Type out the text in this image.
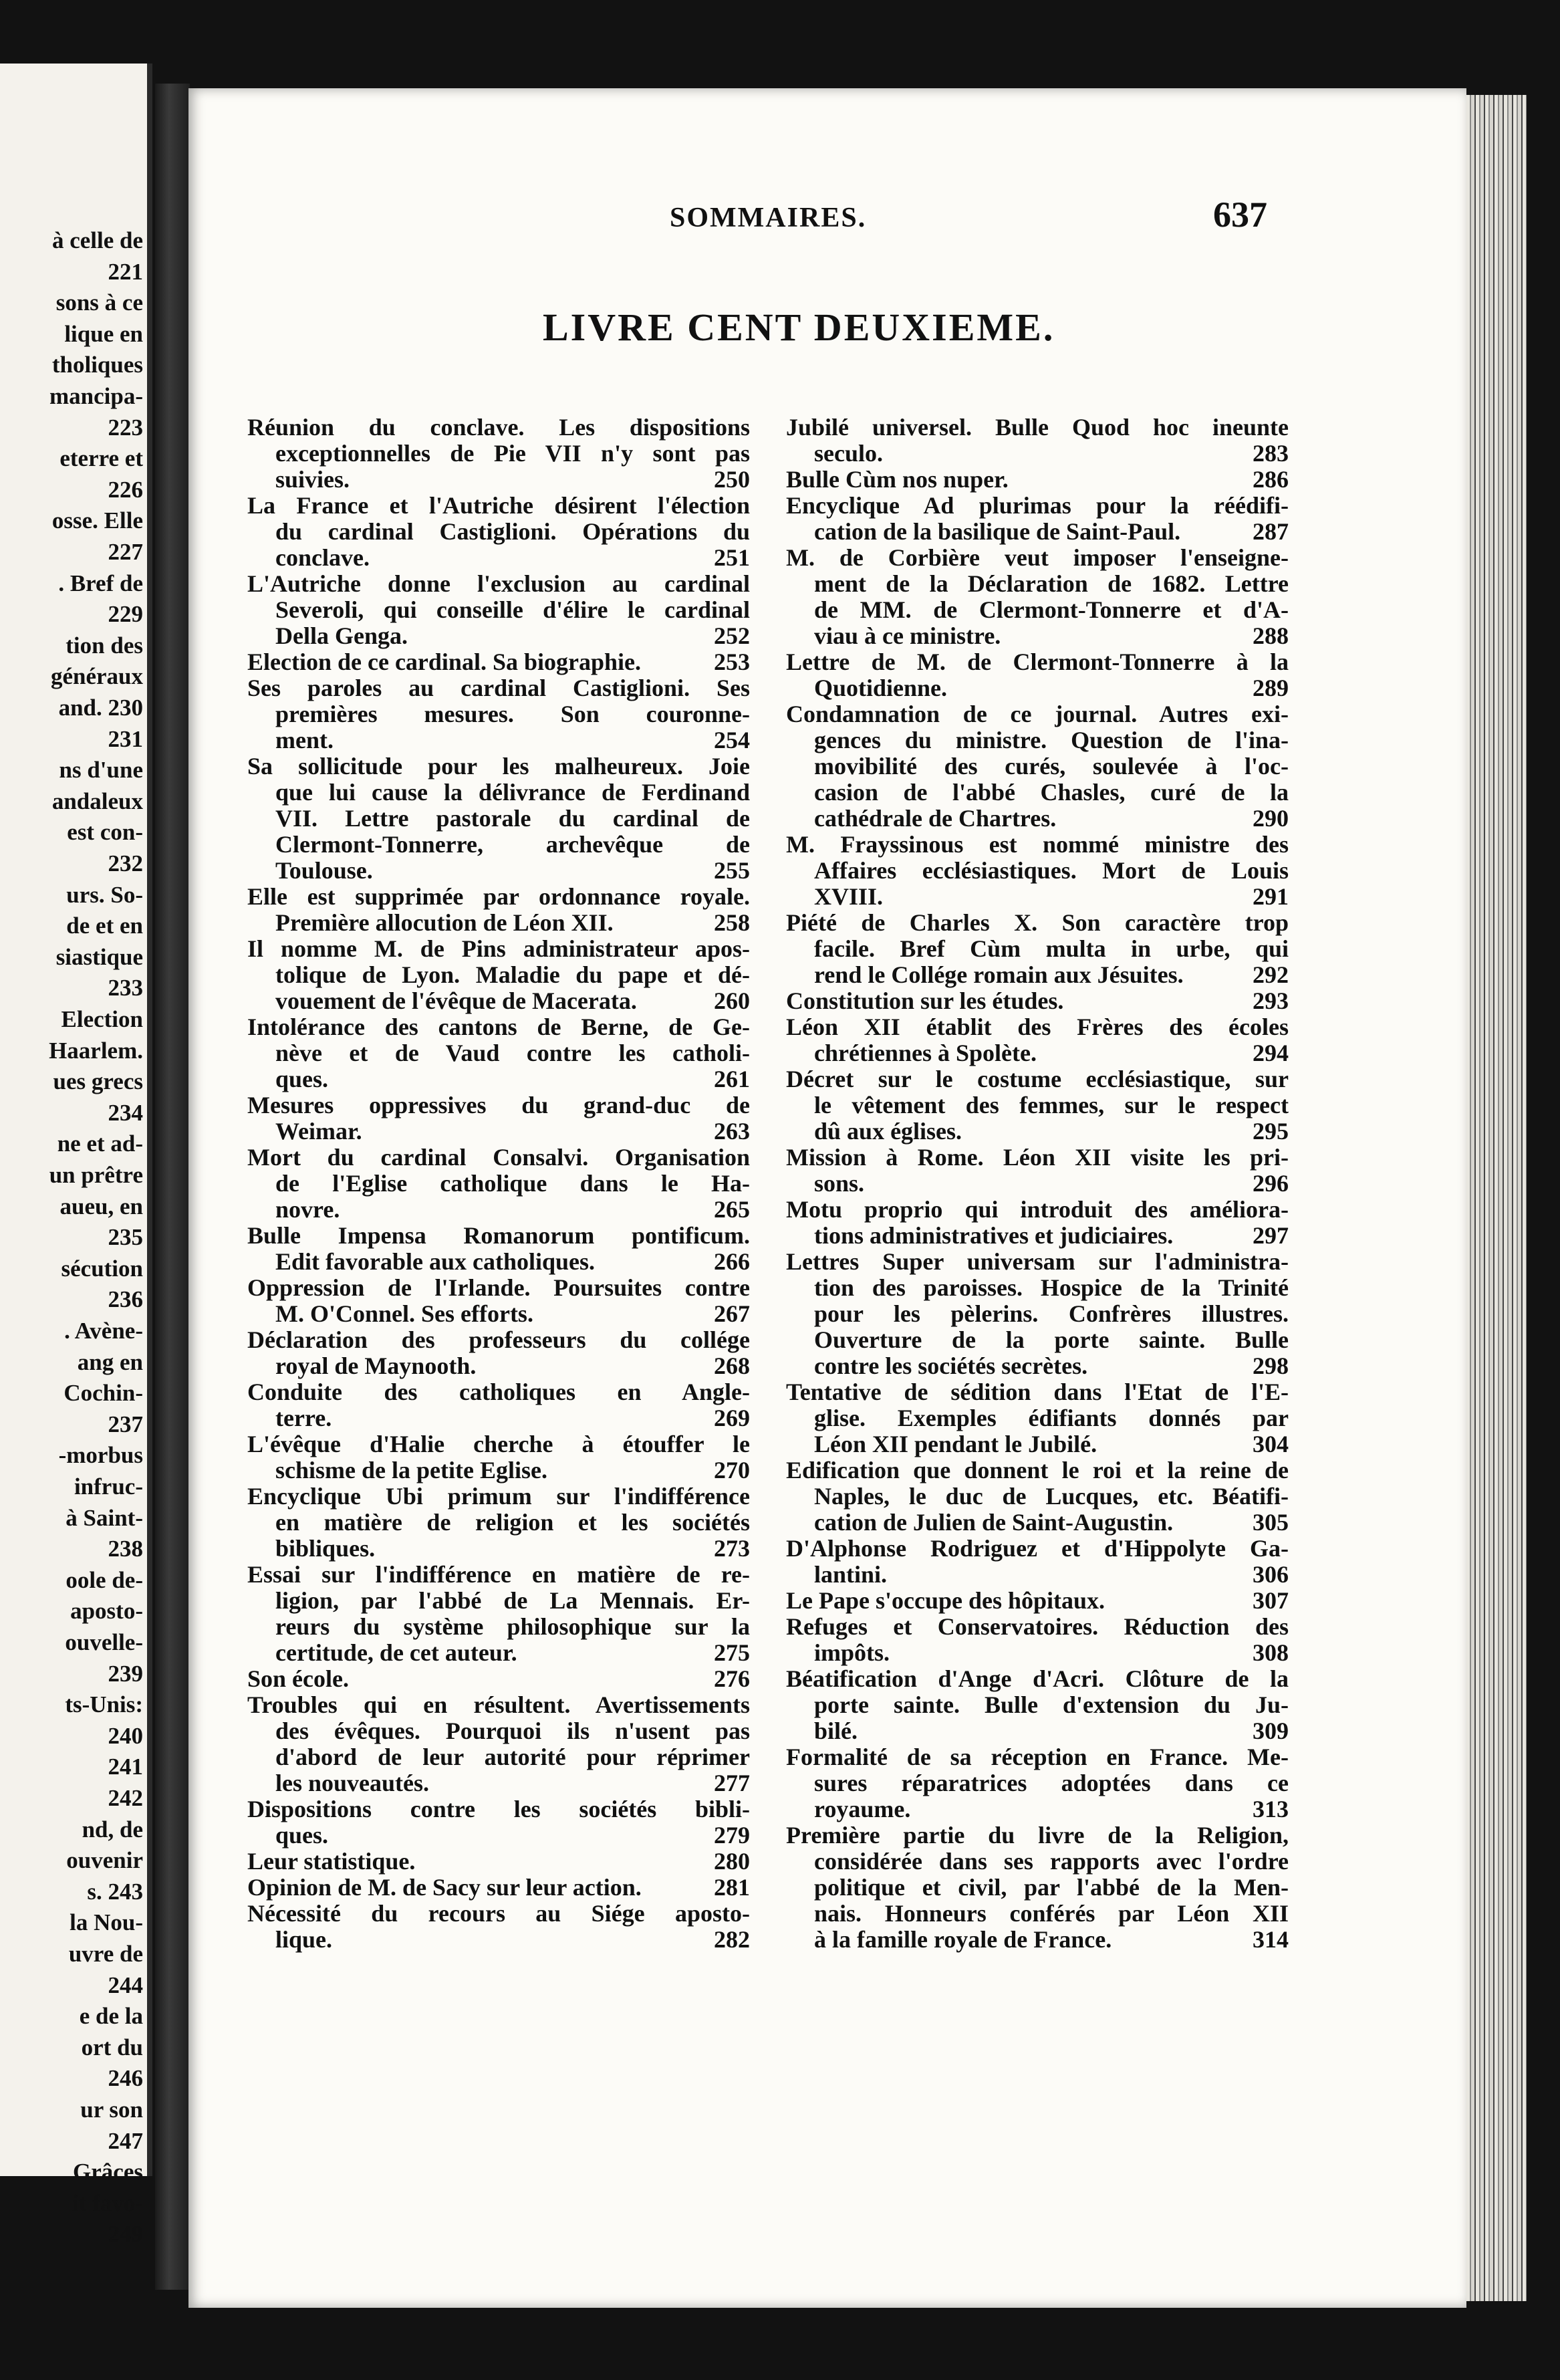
à celle de
221
sons à ce
lique en
tholiques
mancipa-
223
eterre et
226
osse. Elle
227
. Bref de
229
tion des
généraux
and. 230
231
ns d'une
andaleux
est con-
232
urs. So-
de et en
siastique
233
Election
Haarlem.
ues grecs
234
ne et ad-
un prêtre
aueu, en
235
sécution
236
. Avène-
ang en
Cochin-
237
-morbus
infruc-
à Saint-
238
oole de-
aposto-
ouvelle-
239
ts-Unis:
240
241
242
nd, de
ouvenir
s. 243
la Nou-
uvre de
244
e de la
ort du
246
ur son
247
Grâces
it favo-
249
SOMMAIRES.	637
LIVRE CENT DEUXIEME.
Réunion du conclave. Les dispositions
exceptionnelles de Pie VII n'y sont pas
suivies.	250
La France et l'Autriche désirent l'élection
du cardinal Castiglioni. Opérations du
conclave.	251
L'Autriche donne l'exclusion au cardinal
Severoli, qui conseille d'élire le cardinal
Della Genga.	252
Election de ce cardinal. Sa biographie.	253
Ses paroles au cardinal Castiglioni. Ses
premières mesures. Son couronne-
ment.	254
Sa sollicitude pour les malheureux. Joie
que lui cause la délivrance de Ferdinand
VII. Lettre pastorale du cardinal de
Clermont-Tonnerre, archevêque de
Toulouse.	255
Elle est supprimée par ordonnance royale.
Première allocution de Léon XII.	258
Il nomme M. de Pins administrateur apos-
tolique de Lyon. Maladie du pape et dé-
vouement de l'évêque de Macerata.	260
Intolérance des cantons de Berne, de Ge-
nève et de Vaud contre les catholi-
ques.	261
Mesures oppressives du grand-duc de
Weimar.	263
Mort du cardinal Consalvi. Organisation
de l'Eglise catholique dans le Ha-
novre.	265
Bulle Impensa Romanorum pontificum.
Edit favorable aux catholiques.	266
Oppression de l'Irlande. Poursuites contre
M. O'Connel. Ses efforts.	267
Déclaration des professeurs du collége
royal de Maynooth.	268
Conduite des catholiques en Angle-
terre.	269
L'évêque d'Halie cherche à étouffer le
schisme de la petite Eglise.	270
Encyclique Ubi primum sur l'indifférence
en matière de religion et les sociétés
bibliques.	273
Essai sur l'indifférence en matière de re-
ligion, par l'abbé de La Mennais. Er-
reurs du système philosophique sur la
certitude, de cet auteur.	275
Son école.	276
Troubles qui en résultent. Avertissements
des évêques. Pourquoi ils n'usent pas
d'abord de leur autorité pour réprimer
les nouveautés.	277
Dispositions contre les sociétés bibli-
ques.	279
Leur statistique.	280
Opinion de M. de Sacy sur leur action.	281
Nécessité du recours au Siége aposto-
lique.	282
Jubilé universel. Bulle Quod hoc ineunte
seculo.	283
Bulle Cùm nos nuper.	286
Encyclique Ad plurimas pour la réédifi-
cation de la basilique de Saint-Paul.	287
M. de Corbière veut imposer l'enseigne-
ment de la Déclaration de 1682. Lettre
de MM. de Clermont-Tonnerre et d'A-
viau à ce ministre.	288
Lettre de M. de Clermont-Tonnerre à la
Quotidienne.	289
Condamnation de ce journal. Autres exi-
gences du ministre. Question de l'ina-
movibilité des curés, soulevée à l'oc-
casion de l'abbé Chasles, curé de la
cathédrale de Chartres.	290
M. Frayssinous est nommé ministre des
Affaires ecclésiastiques. Mort de Louis
XVIII.	291
Piété de Charles X. Son caractère trop
facile. Bref Cùm multa in urbe, qui
rend le Collége romain aux Jésuites.	292
Constitution sur les études.	293
Léon XII établit des Frères des écoles
chrétiennes à Spolète.	294
Décret sur le costume ecclésiastique, sur
le vêtement des femmes, sur le respect
dû aux églises.	295
Mission à Rome. Léon XII visite les pri-
sons.	296
Motu proprio qui introduit des améliora-
tions administratives et judiciaires.	297
Lettres Super universam sur l'administra-
tion des paroisses. Hospice de la Trinité
pour les pèlerins. Confrères illustres.
Ouverture de la porte sainte. Bulle
contre les sociétés secrètes.	298
Tentative de sédition dans l'Etat de l'E-
glise. Exemples édifiants donnés par
Léon XII pendant le Jubilé.	304
Edification que donnent le roi et la reine de
Naples, le duc de Lucques, etc. Béatifi-
cation de Julien de Saint-Augustin.	305
D'Alphonse Rodriguez et d'Hippolyte Ga-
lantini.	306
Le Pape s'occupe des hôpitaux.	307
Refuges et Conservatoires. Réduction des
impôts.	308
Béatification d'Ange d'Acri. Clôture de la
porte sainte. Bulle d'extension du Ju-
bilé.	309
Formalité de sa réception en France. Me-
sures réparatrices adoptées dans ce
royaume.	313
Première partie du livre de la Religion,
considérée dans ses rapports avec l'ordre
politique et civil, par l'abbé de la Men-
nais. Honneurs conférés par Léon XII
à la famille royale de France.	314
